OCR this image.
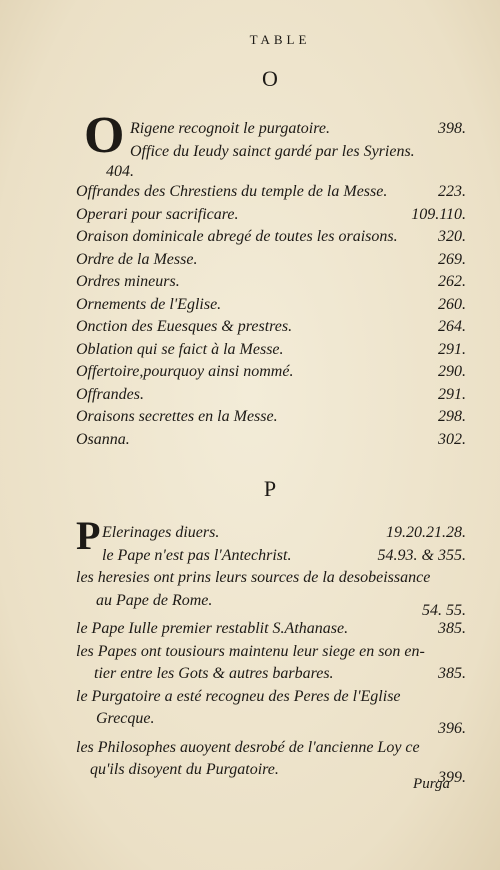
TABLE
O
O Rigene recognoit le purgatoire.	398.
Office du Ieudy sainct gardé par les Syriens.
404.
Offrandes des Chrestiens du temple de la Messe.	223.
Operari pour sacrificare.	109.110.
Oraison dominicale abregé de toutes les oraisons.	320.
Ordre de la Messe.	269.
Ordres mineurs.	262.
Ornements de l'Eglise.	260.
Onction des Euesques & prestres.	264.
Oblation qui se faict à la Messe.	291.
Offertoire,pourquoy ainsi nommé.	290.
Offrandes.	291.
Oraisons secrettes en la Messe.	298.
Osanna.	302.
P
P Elerinages diuers.	19.20.21.28.
le Pape n'est pas l'Antechrist.	54.93. & 355.
les heresies ont prins leurs sources de la desobeissance
au Pape de Rome.
54. 55.
le Pape Iulle premier restablit S.Athanase.	385.
les Papes ont tousiours maintenu leur siege en son en-
tier entre les Gots & autres barbares.	385.
le Purgatoire a esté recogneu des Peres de l'Eglise
Grecque.
396.
les Philosophes auoyent desrobé de l'ancienne Loy ce
qu'ils disoyent du Purgatoire.	399.
Purga
